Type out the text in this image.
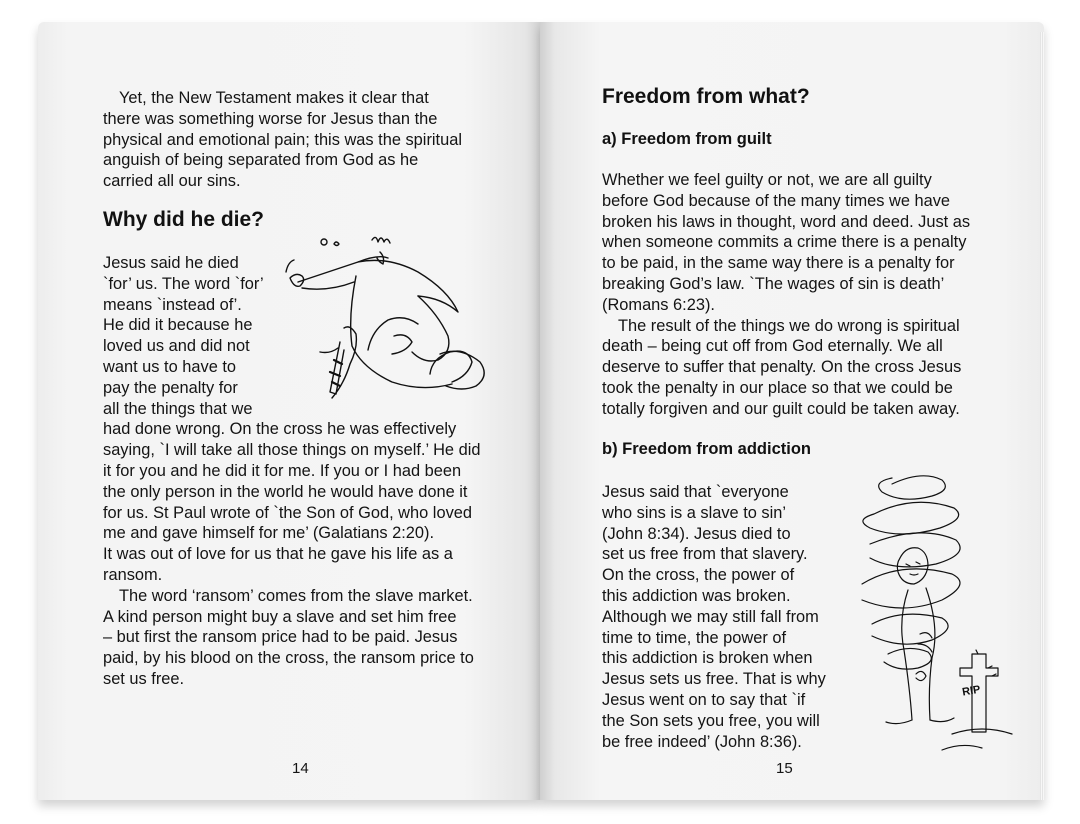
Yet, the New Testament makes it clear that
there was something worse for Jesus than the
physical and emotional pain; this was the spiritual
anguish of being separated from God as he
carried all our sins.
Why did he die?
Jesus said he died
`for’ us. The word `for’
means `instead of’.
He did it because he
loved us and did not
want us to have to
pay the penalty for
all the things that we
had done wrong. On the cross he was effectively
saying, `I will take all those things on myself.’ He did
it for you and he did it for me. If you or I had been
the only person in the world he would have done it
for us. St Paul wrote of `the Son of God, who loved
me and gave himself for me’ (Galatians 2:20).
It was out of love for us that he gave his life as a
ransom.
The word ‘ransom’ comes from the slave market.
A kind person might buy a slave and set him free
– but first the ransom price had to be paid. Jesus
paid, by his blood on the cross, the ransom price to
set us free.
14
Freedom from what?
a) Freedom from guilt
Whether we feel guilty or not, we are all guilty
before God because of the many times we have
broken his laws in thought, word and deed. Just as
when someone commits a crime there is a penalty
to be paid, in the same way there is a penalty for
breaking God’s law. `The wages of sin is death’
(Romans 6:23).
The result of the things we do wrong is spiritual
death – being cut off from God eternally. We all
deserve to suffer that penalty. On the cross Jesus
took the penalty in our place so that we could be
totally forgiven and our guilt could be taken away.
b) Freedom from addiction
Jesus said that `everyone
who sins is a slave to sin’
(John 8:34). Jesus died to
set us free from that slavery.
On the cross, the power of
this addiction was broken.
Although we may still fall from
time to time, the power of
this addiction is broken when
Jesus sets us free. That is why
Jesus went on to say that `if
the Son sets you free, you will
be free indeed’ (John 8:36).
RIP
15
